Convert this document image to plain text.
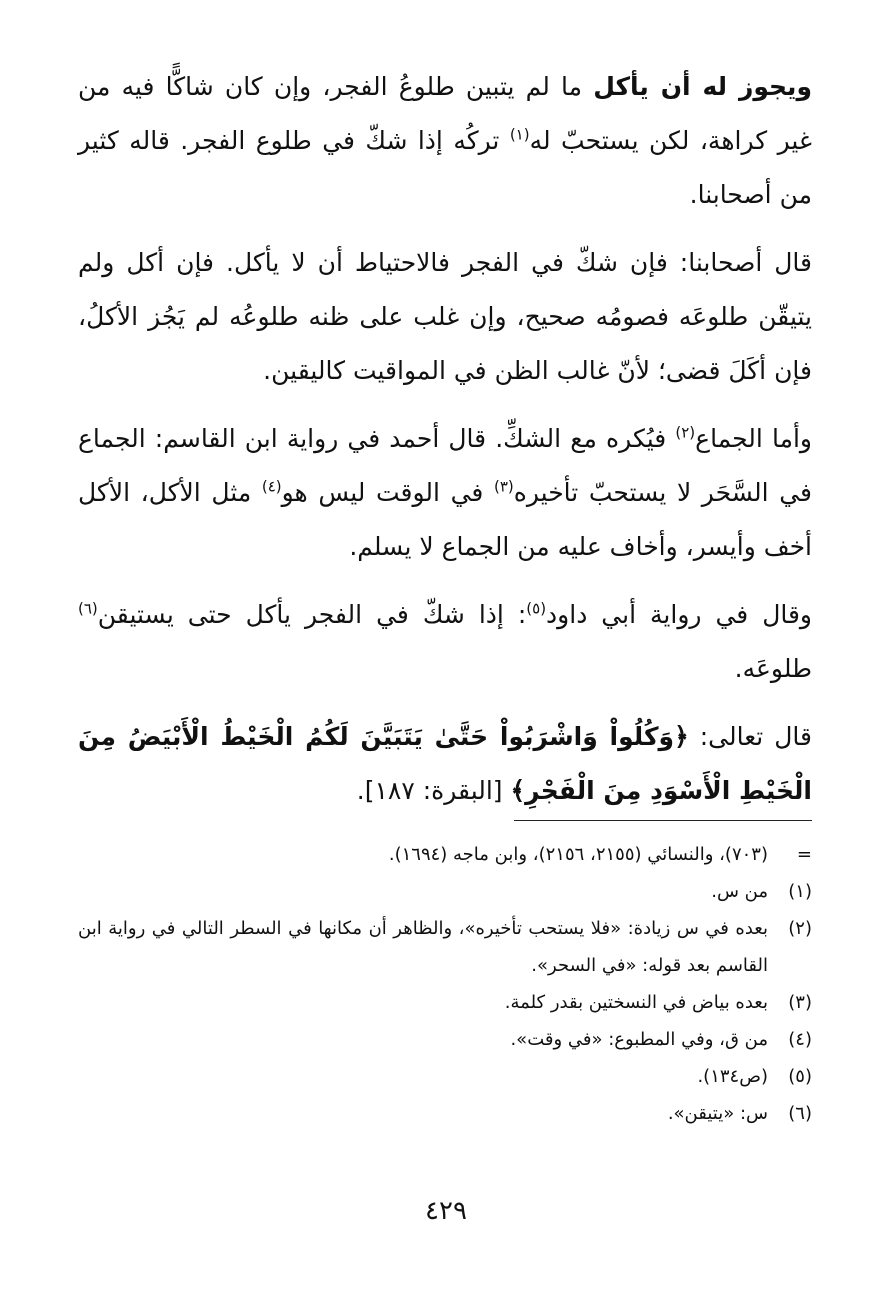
ويجوز له أن يأكل ما لم يتبين طلوعُ الفجر، وإن كان شاكًّا فيه من غير كراهة، لكن يستحبّ له$^{(١)}$ تركُه إذا شكّ في طلوع الفجر. قاله كثير من أصحابنا.

قال أصحابنا: فإن شكّ في الفجر فالاحتياط أن لا يأكل. فإن أكل ولم يتيقّن طلوعَه فصومُه صحيح، وإن غلب على ظنه طلوعُه لم يَجُز الأكلُ، فإن أكَلَ قضى؛ لأنّ غالب الظن في المواقيت كاليقين.

وأما الجماع$^{(٢)}$ فيُكره مع الشكِّ. قال أحمد في رواية ابن القاسم: الجماع في السَّحَر لا يستحبّ تأخيره$^{(٣)}$ في الوقت ليس هو$^{(٤)}$ مثل الأكل، الأكل أخف وأيسر، وأخاف عليه من الجماع لا يسلم.

وقال في رواية أبي داود$^{(٥)}$: إذا شكّ في الفجر يأكل حتى يستيقن$^{(٦)}$ طلوعَه.

قال تعالى: ﴿وَكُلُواْ وَاشْرَبُواْ حَتَّىٰ يَتَبَيَّنَ لَكُمُ الْخَيْطُ الْأَبْيَضُ مِنَ الْخَيْطِ الْأَسْوَدِ مِنَ الْفَجْرِ﴾ [البقرة: ١٨٧].

=
(٧٠٣)، والنسائي (٢١٥٥، ٢١٥٦)، وابن ماجه (١٦٩٤).
(١)
من س.
(٢)
بعده في س زيادة: «فلا يستحب تأخيره»، والظاهر أن مكانها في السطر التالي في رواية ابن القاسم بعد قوله: «في السحر».
(٣)
بعده بياض في النسختين بقدر كلمة.
(٤)
من ق، وفي المطبوع: «في وقت».
(٥)
(ص١٣٤).
(٦)
س: «يتيقن».
٤٢٩
